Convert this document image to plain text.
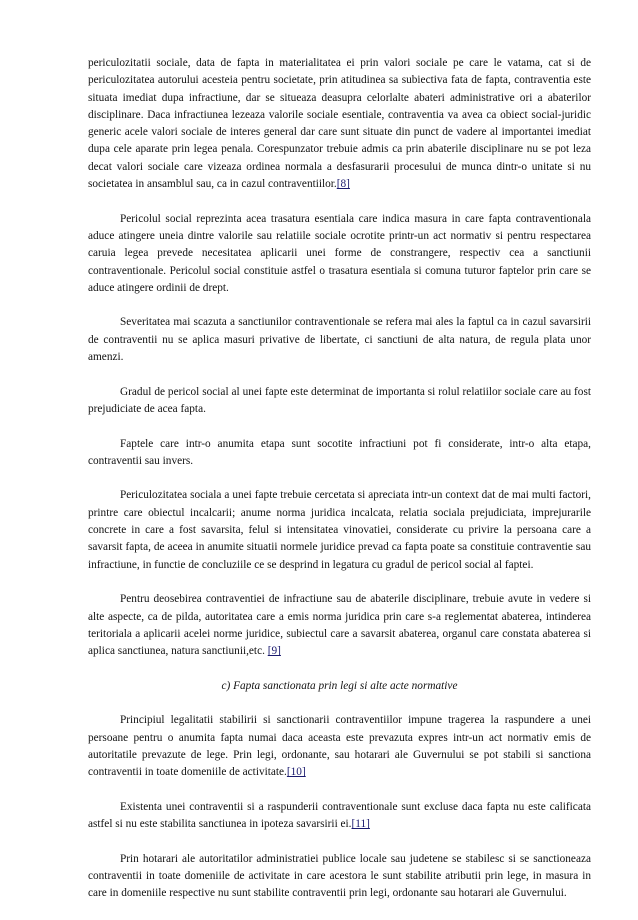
periculozitatii sociale, data de fapta in materialitatea ei prin valori sociale pe care le vatama, cat si de periculozitatea autorului acesteia pentru societate, prin atitudinea sa subiectiva fata de fapta, contraventia este situata imediat dupa infractiune, dar se situeaza deasupra celorlalte abateri administrative ori a abaterilor disciplinare. Daca infractiunea lezeaza valorile sociale esentiale, contraventia va avea ca obiect social-juridic generic acele valori sociale de interes general dar care sunt situate din punct de vadere al importantei imediat dupa cele aparate prin legea penala. Corespunzator trebuie admis ca prin abaterile disciplinare nu se pot leza decat valori sociale care vizeaza ordinea normala a desfasurarii procesului de munca dintr-o unitate si nu societatea in ansamblul sau, ca in cazul contraventiilor.[8]

Pericolul social reprezinta acea trasatura esentiala care indica masura in care fapta contraventionala aduce atingere uneia dintre valorile sau relatiile sociale ocrotite printr-un act normativ si pentru respectarea caruia legea prevede necesitatea aplicarii unei forme de constrangere, respectiv cea a sanctiunii contraventionale. Pericolul social constituie astfel o trasatura esentiala si comuna tuturor faptelor prin care se aduce atingere ordinii de drept.

Severitatea mai scazuta a sanctiunilor contraventionale se refera mai ales la faptul ca in cazul savarsirii de contraventii nu se aplica masuri privative de libertate, ci sanctiuni de alta natura, de regula plata unor amenzi.

Gradul de pericol social al unei fapte este determinat de importanta si rolul relatiilor sociale care au fost prejudiciate de acea fapta.

Faptele care intr-o anumita etapa sunt socotite infractiuni pot fi considerate, intr-o alta etapa, contraventii sau invers.

Periculozitatea sociala a unei fapte trebuie cercetata si apreciata intr-un context dat de mai multi factori, printre care obiectul incalcarii; anume norma juridica incalcata, relatia sociala prejudiciata, imprejurarile concrete in care a fost savarsita, felul si intensitatea vinovatiei, considerate cu privire la persoana care a savarsit fapta, de aceea in anumite situatii normele juridice prevad ca fapta poate sa constituie contraventie sau infractiune, in functie de concluziile ce se desprind in legatura cu gradul de pericol social al faptei.

Pentru deosebirea contraventiei de infractiune sau de abaterile disciplinare, trebuie avute in vedere si alte aspecte, ca de pilda, autoritatea care a emis norma juridica prin care s-a reglementat abaterea, intinderea teritoriala a aplicarii acelei norme juridice, subiectul care a savarsit abaterea, organul care constata abaterea si aplica sanctiunea, natura sanctiunii,etc. [9]

c) Fapta sanctionata prin legi si alte acte normative

Principiul legalitatii stabilirii si sanctionarii contraventiilor impune tragerea la raspundere a unei persoane pentru o anumita fapta numai daca aceasta este prevazuta expres intr-un act normativ emis de autoritatile prevazute de lege. Prin legi, ordonante, sau hotarari ale Guvernului se pot stabili si sanctiona contraventii in toate domeniile de activitate.[10]

Existenta unei contraventii si a raspunderii contraventionale sunt excluse daca fapta nu este calificata astfel si nu este stabilita sanctiunea in ipoteza savarsirii ei.[11]

Prin hotarari ale autoritatilor administratiei publice locale sau judetene se stabilesc si se sanctioneaza contraventii in toate domeniile de activitate in care acestora le sunt stabilite atributii prin lege, in masura in care in domeniile respective nu sunt stabilite contraventii prin legi, ordonante sau hotarari ale Guvernului.
